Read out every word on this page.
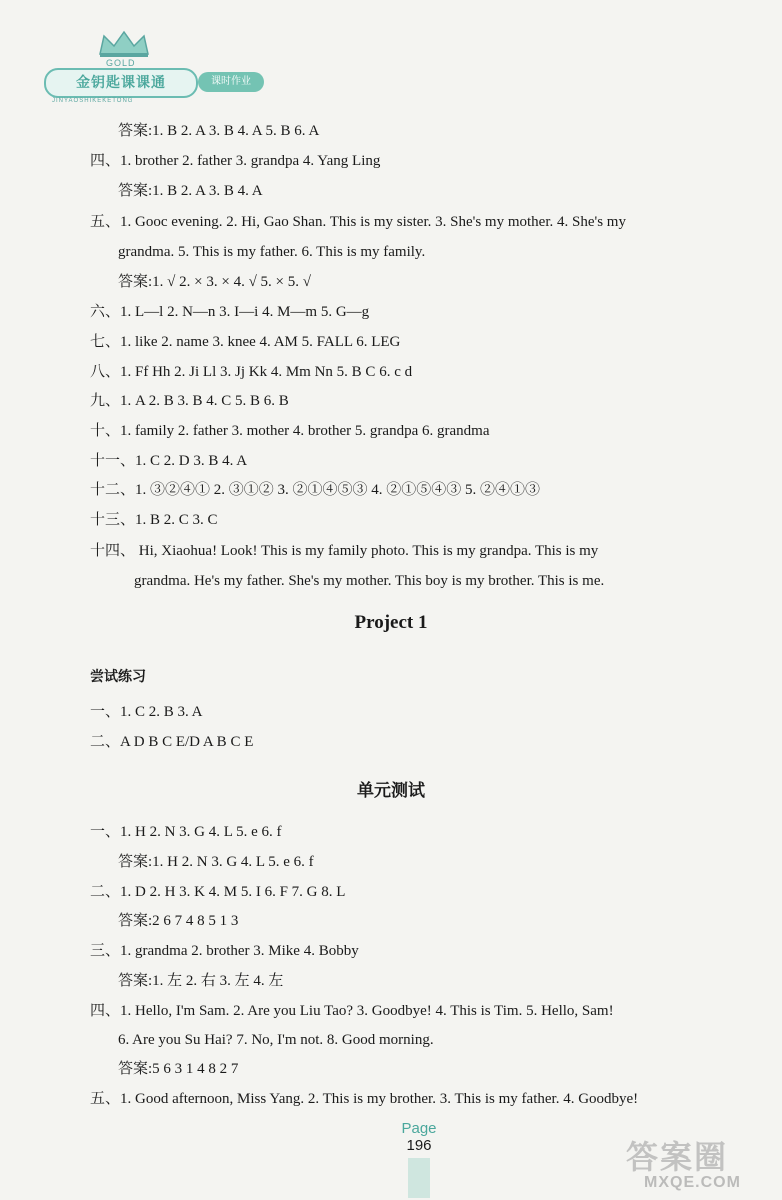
GOLD
金钥匙课课通	课时作业
JINYAOSHIKEKETONG
答案:1. B 2. A 3. B 4. A 5. B 6. A
四、1. brother 2. father 3. grandpa 4. Yang Ling
答案:1. B 2. A 3. B 4. A
五、1. Gooc evening. 2. Hi, Gao Shan. This is my sister. 3. She's my mother. 4. She's my
grandma. 5. This is my father. 6. This is my family.
答案:1. √ 2. × 3. × 4. √ 5. × 5. √
六、1. L—l 2. N—n 3. I—i 4. M—m 5. G—g
七、1. like 2. name 3. knee 4. AM 5. FALL 6. LEG
八、1. Ff Hh 2. Ji Ll 3. Jj Kk 4. Mm Nn 5. B C 6. c d
九、1. A 2. B 3. B 4. C 5. B 6. B
十、1. family 2. father 3. mother 4. brother 5. grandpa 6. grandma
十一、1. C 2. D 3. B 4. A
十二、1. ③②④① 2. ③①② 3. ②①④⑤③ 4. ②①⑤④③ 5. ②④①③
十三、1. B 2. C 3. C
十四、 Hi, Xiaohua! Look! This is my family photo. This is my grandpa. This is my
grandma. He's my father. She's my mother. This boy is my brother. This is me.
Project 1
尝试练习
一、1. C 2. B 3. A
二、A D B C E/D A B C E
单元测试
一、1. H 2. N 3. G 4. L 5. e 6. f
答案:1. H 2. N 3. G 4. L 5. e 6. f
二、1. D 2. H 3. K 4. M 5. I 6. F 7. G 8. L
答案:2 6 7 4 8 5 1 3
三、1. grandma 2. brother 3. Mike 4. Bobby
答案:1. 左 2. 右 3. 左 4. 左
四、1. Hello, I'm Sam. 2. Are you Liu Tao? 3. Goodbye! 4. This is Tim. 5. Hello, Sam!
6. Are you Su Hai? 7. No, I'm not. 8. Good morning.
答案:5 6 3 1 4 8 2 7
五、1. Good afternoon, Miss Yang. 2. This is my brother. 3. This is my father. 4. Goodbye!
Page
196	答案圈
MXQE.COM
